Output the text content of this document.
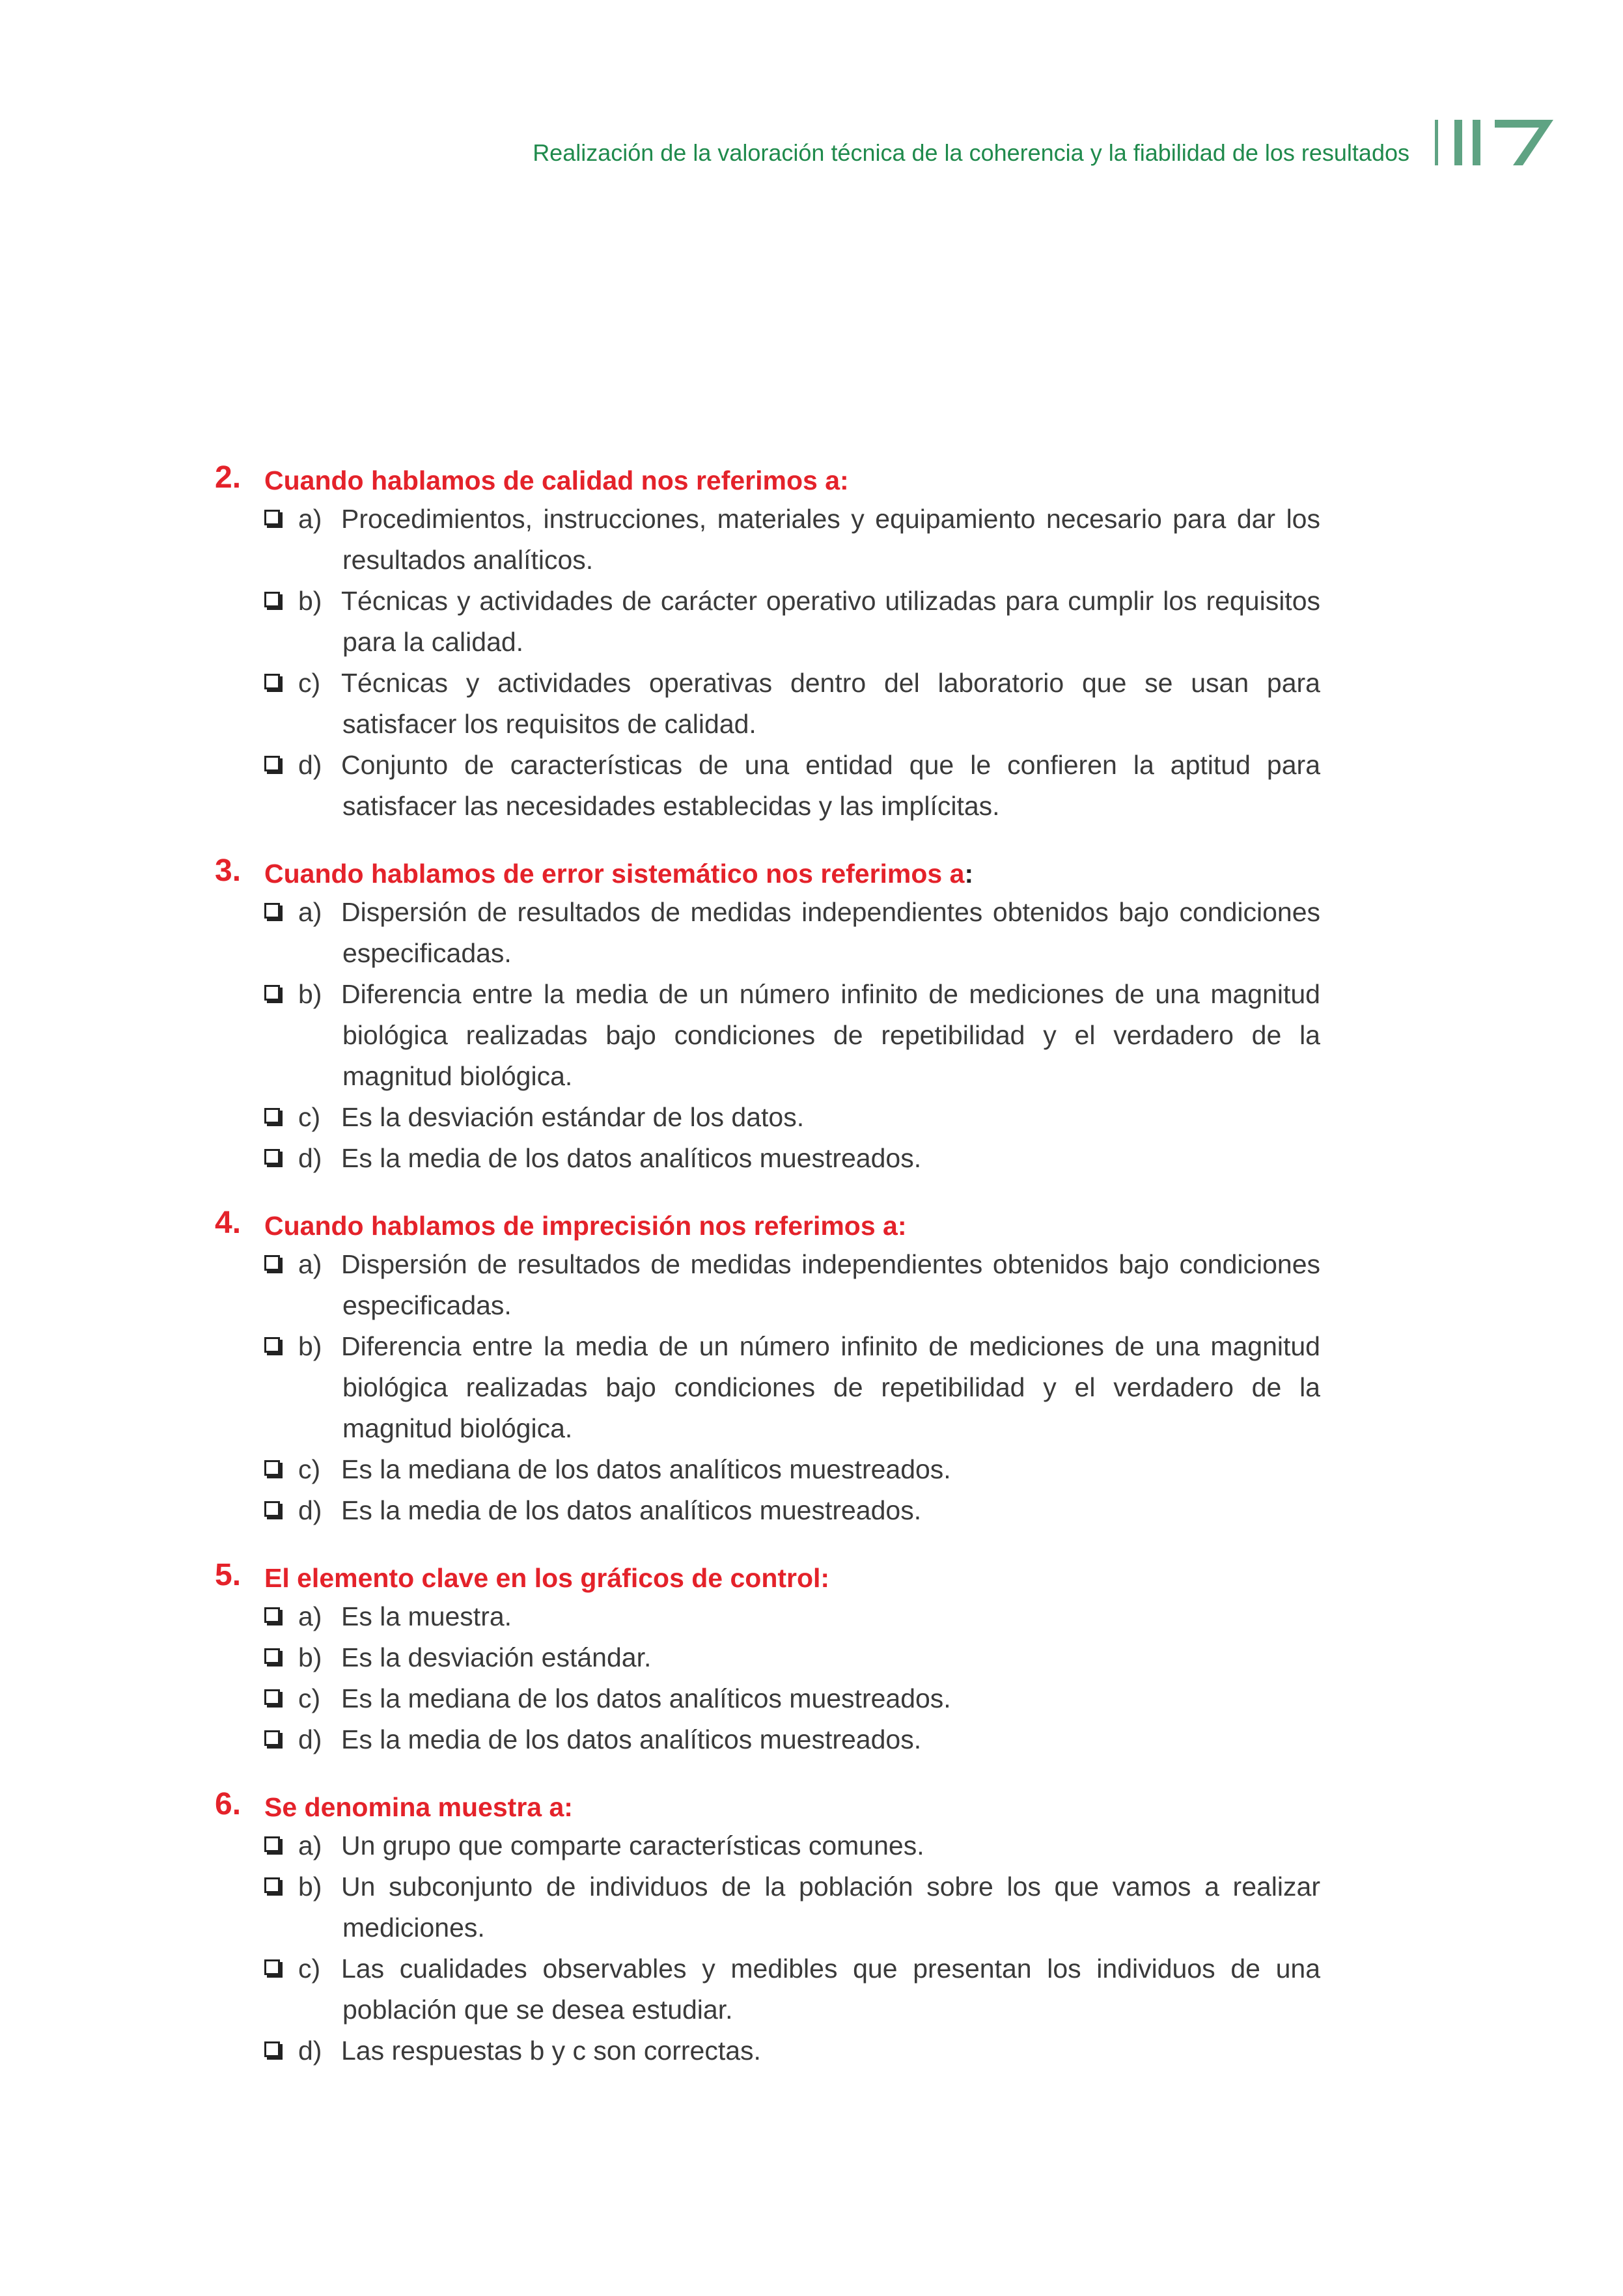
Realización de la valoración técnica de la coherencia y la fiabilidad de los resultados
2. Cuando hablamos de calidad nos referimos a:
a) Procedimientos, instrucciones, materiales y equipamiento necesario para dar los resultados analíticos.
b) Técnicas y actividades de carácter operativo utilizadas para cumplir los requisitos para la calidad.
c) Técnicas y actividades operativas dentro del laboratorio que se usan para satisfacer los requisitos de calidad.
d) Conjunto de características de una entidad que le confieren la aptitud para satisfacer las necesidades establecidas y las implícitas.
3. Cuando hablamos de error sistemático nos referimos a:
a) Dispersión de resultados de medidas independientes obtenidos bajo condiciones especificadas.
b) Diferencia entre la media de un número infinito de mediciones de una magnitud biológica realizadas bajo condiciones de repetibilidad y el verdadero de la magnitud biológica.
c) Es la desviación estándar de los datos.
d) Es la media de los datos analíticos muestreados.
4. Cuando hablamos de imprecisión nos referimos a:
a) Dispersión de resultados de medidas independientes obtenidos bajo condiciones especificadas.
b) Diferencia entre la media de un número infinito de mediciones de una magnitud biológica realizadas bajo condiciones de repetibilidad y el verdadero de la magnitud biológica.
c) Es la mediana de los datos analíticos muestreados.
d) Es la media de los datos analíticos muestreados.
5. El elemento clave en los gráficos de control:
a) Es la muestra.
b) Es la desviación estándar.
c) Es la mediana de los datos analíticos muestreados.
d) Es la media de los datos analíticos muestreados.
6. Se denomina muestra a:
a) Un grupo que comparte características comunes.
b) Un subconjunto de individuos de la población sobre los que vamos a realizar mediciones.
c) Las cualidades observables y medibles que presentan los individuos de una población que se desea estudiar.
d) Las respuestas b y c son correctas.
